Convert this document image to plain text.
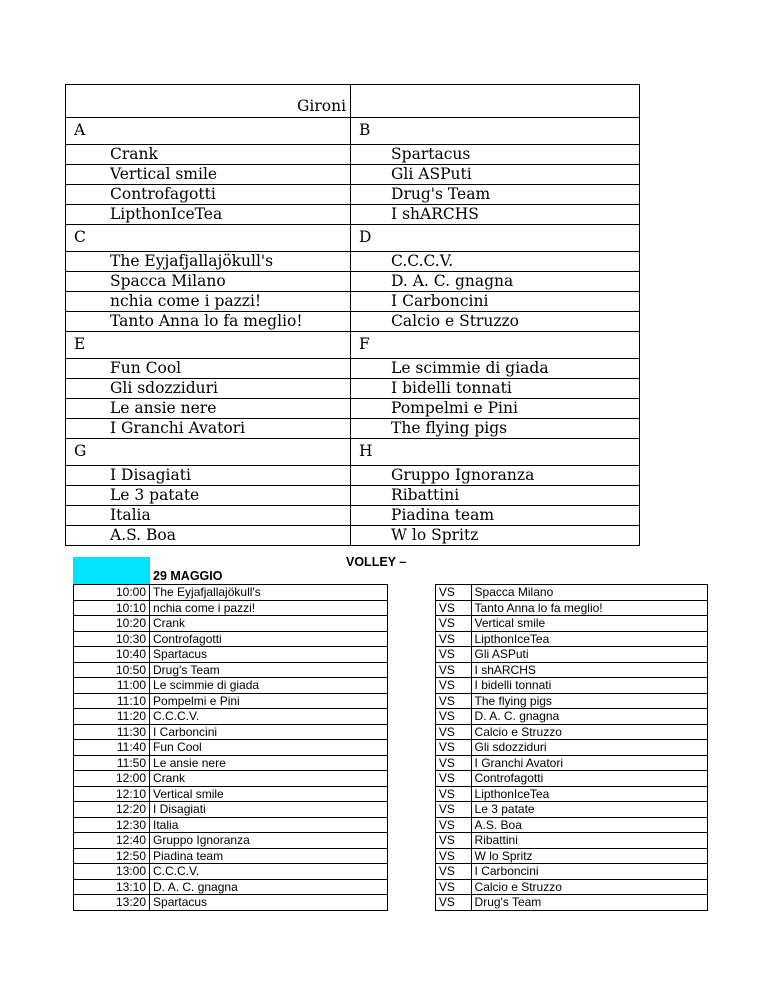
Gironi	
A	B
Crank	Spartacus
Vertical smile	Gli ASPuti
Controfagotti	Drug's Team
LipthonIceTea	I shARCHS
C	D
The Eyjafjallajökull's	C.C.C.V.
Spacca Milano	D. A. C. gnagna
nchia come i pazzi!	I Carboncini
Tanto Anna lo fa meglio!	Calcio e Struzzo
E	F
Fun Cool	Le scimmie di giada
Gli sdozziduri	I bidelli tonnati
Le ansie nere	Pompelmi e Pini
I Granchi Avatori	The flying pigs
G	H
I Disagiati	Gruppo Ignoranza
Le 3 patate	Ribattini
Italia	Piadina team
A.S. Boa	W lo Spritz
VOLLEY –
29 MAGGIO
10:00	The Eyjafjallajökull's		VS	Spacca Milano
10:10	nchia come i pazzi!		VS	Tanto Anna lo fa meglio!
10:20	Crank		VS	Vertical smile
10:30	Controfagotti		VS	LipthonIceTea
10:40	Spartacus		VS	Gli ASPuti
10:50	Drug's Team		VS	I shARCHS
11:00	Le scimmie di giada		VS	I bidelli tonnati
11:10	Pompelmi e Pini		VS	The flying pigs
11:20	C.C.C.V.		VS	D. A. C. gnagna
11:30	I Carboncini		VS	Calcio e Struzzo
11:40	Fun Cool		VS	Gli sdozziduri
11:50	Le ansie nere		VS	I Granchi Avatori
12:00	Crank		VS	Controfagotti
12:10	Vertical smile		VS	LipthonIceTea
12:20	I Disagiati		VS	Le 3 patate
12:30	Italia		VS	A.S. Boa
12:40	Gruppo Ignoranza		VS	Ribattini
12:50	Piadina team		VS	W lo Spritz
13:00	C.C.C.V.		VS	I Carboncini
13:10	D. A. C. gnagna		VS	Calcio e Struzzo
13:20	Spartacus		VS	Drug's Team
